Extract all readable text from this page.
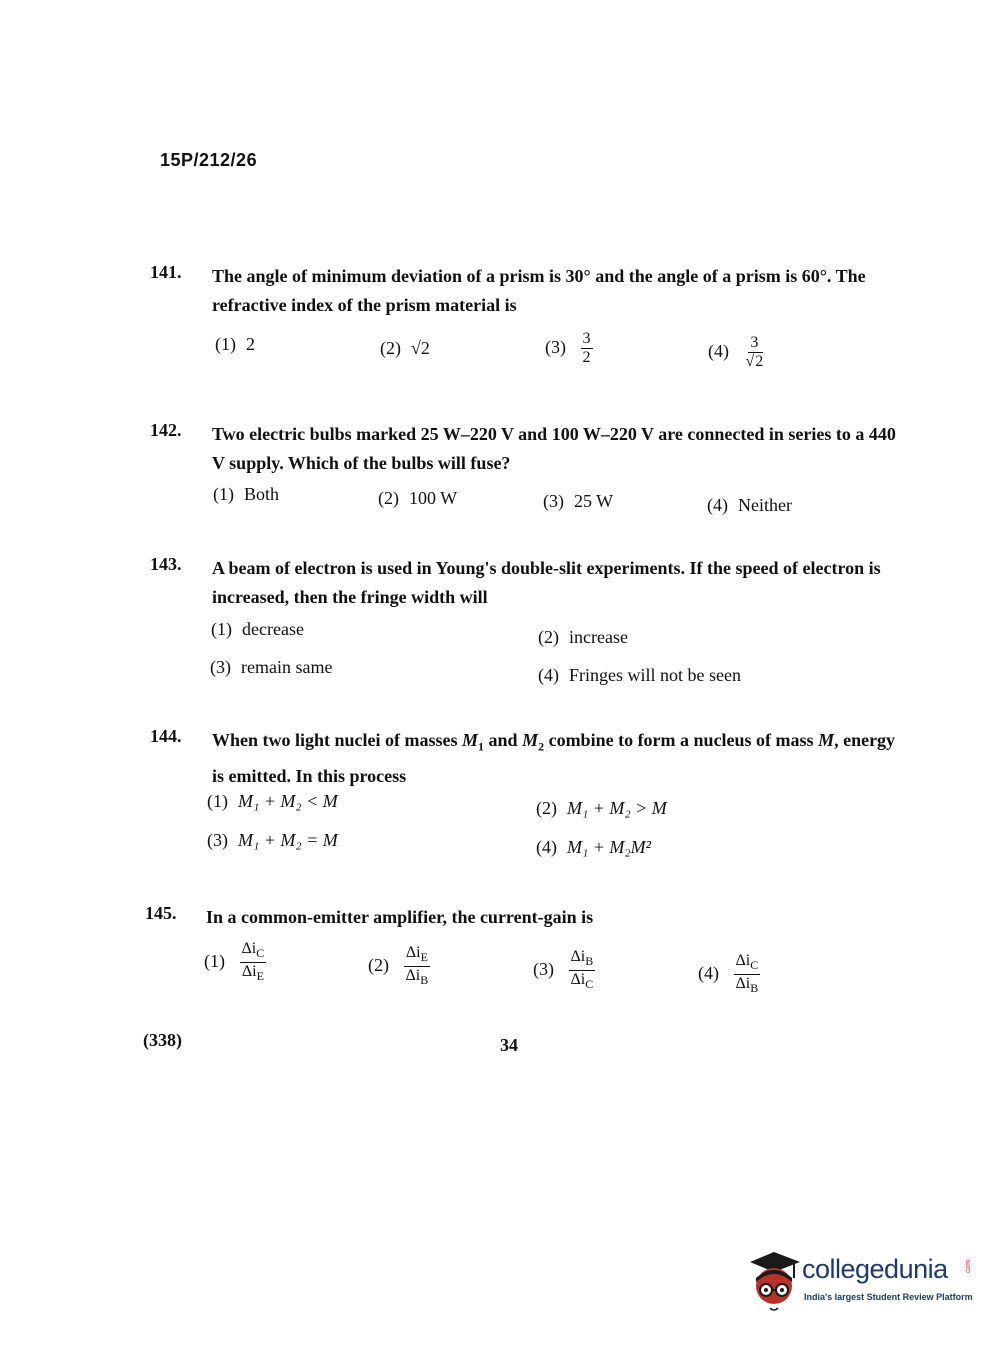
15P/212/26
141. The angle of minimum deviation of a prism is 30° and the angle of a prism is 60°. The refractive index of the prism material is
(1) 2	(2) √2	$(3) \frac{3}{2}$	$(4) \frac{3}{√2}$
142. Two electric bulbs marked 25 W–220 V and 100 W–220 V are connected in series to a 440 V supply. Which of the bulbs will fuse?
(1) Both	(2) 100 W	(3) 25 W	(4) Neither
143. A beam of electron is used in Young's double-slit experiments. If the speed of electron is increased, then the fringe width will
(1) decrease	(2) increase
(3) remain same	(4) Fringes will not be seen
144. When two light nuclei of masses $M_1$ and $M_2$ combine to form a nucleus of mass M, energy is emitted. In this process
(1) M₁ + M₂ < M	(2) M₁ + M₂ > M
(3) M₁ + M₂ = M	(4) M₁ + M₂M²
145. In a common-emitter amplifier, the current-gain is
$(1) \frac{\Delta i_C}{\Delta i_E}$	$(2) \frac{\Delta i_E}{\Delta i_B}$	$(3) \frac{\Delta i_B}{\Delta i_C}$	$(4) \frac{\Delta i_C}{\Delta i_B}$
(338)	34
collegedunia .com
India's largest Student Review Platform
